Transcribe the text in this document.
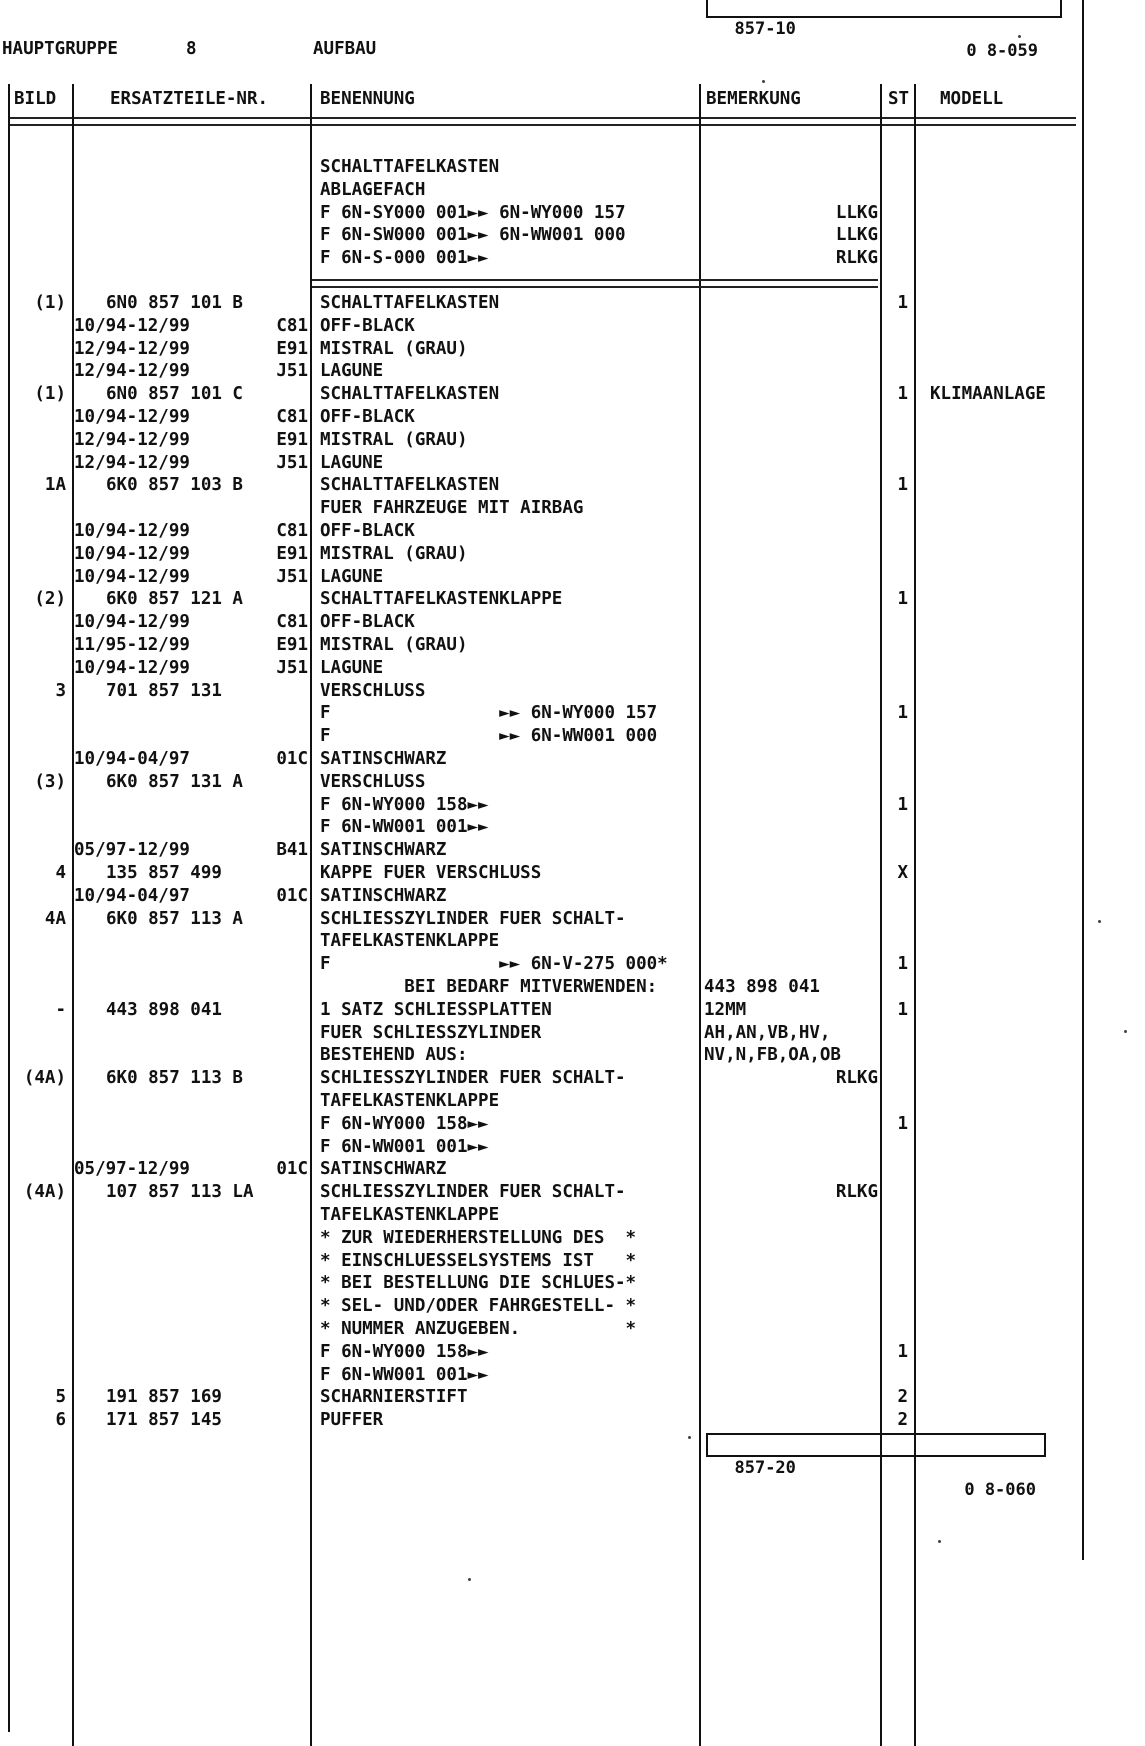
857-10

0 8-059

HAUPTGRUPPE	8	AUFBAU
BILD	ERSATZTEILE-NR.	BENENNUNG	BEMERKUNG	ST MODELL
SCHALTTAFELKASTEN
ABLAGEFACH
F 6N-SY000 001►► 6N-WY000 157	LLKG
F 6N-SW000 001►► 6N-WW001 000	LLKG
F 6N-S-000 001►►	RLKG
(1) 6N0 857 101 B	SCHALTTAFELKASTEN	1
10/94-12/99	C81 OFF-BLACK
12/94-12/99	E91 MISTRAL (GRAU)
12/94-12/99	J51 LAGUNE
(1) 6N0 857 101 C	SCHALTTAFELKASTEN	1 KLIMAANLAGE
10/94-12/99	C81 OFF-BLACK
12/94-12/99	E91 MISTRAL (GRAU)
12/94-12/99	J51 LAGUNE
1A 6K0 857 103 B	SCHALTTAFELKASTEN	1
FUER FAHRZEUGE MIT AIRBAG
10/94-12/99	C81 OFF-BLACK
10/94-12/99	E91 MISTRAL (GRAU)
10/94-12/99	J51 LAGUNE
(2) 6K0 857 121 A	SCHALTTAFELKASTENKLAPPE	1
10/94-12/99	C81 OFF-BLACK
11/95-12/99	E91 MISTRAL (GRAU)
10/94-12/99	J51 LAGUNE
3 701 857 131	VERSCHLUSS
F                ►► 6N-WY000 157	1
F                ►► 6N-WW001 000
10/94-04/97	01C SATINSCHWARZ
(3) 6K0 857 131 A	VERSCHLUSS
F 6N-WY000 158►►	1
F 6N-WW001 001►►
05/97-12/99	B41 SATINSCHWARZ
4 135 857 499	KAPPE FUER VERSCHLUSS	X
10/94-04/97	01C SATINSCHWARZ
4A 6K0 857 113 A	SCHLIESSZYLINDER FUER SCHALT-
TAFELKASTENKLAPPE
F                ►► 6N-V-275 000*	1
BEI BEDARF MITVERWENDEN:	443 898 041
- 443 898 041	1 SATZ SCHLIESSPLATTEN	12MM	1
FUER SCHLIESSZYLINDER	AH,AN,VB,HV,
BESTEHEND AUS:	NV,N,FB,OA,OB
(4A) 6K0 857 113 B	SCHLIESSZYLINDER FUER SCHALT-	RLKG
TAFELKASTENKLAPPE
F 6N-WY000 158►►	1
F 6N-WW001 001►►
05/97-12/99	01C SATINSCHWARZ
(4A) 107 857 113 LA	SCHLIESSZYLINDER FUER SCHALT-	RLKG
TAFELKASTENKLAPPE
* ZUR WIEDERHERSTELLUNG DES  *
* EINSCHLUESSELSYSTEMS IST   *
* BEI BESTELLUNG DIE SCHLUES-*
* SEL- UND/ODER FAHRGESTELL- *
* NUMMER ANZUGEBEN.          *
F 6N-WY000 158►►	1
F 6N-WW001 001►►
5 191 857 169	SCHARNIERSTIFT	2
6 171 857 145	PUFFER	2

857-20

0 8-060
